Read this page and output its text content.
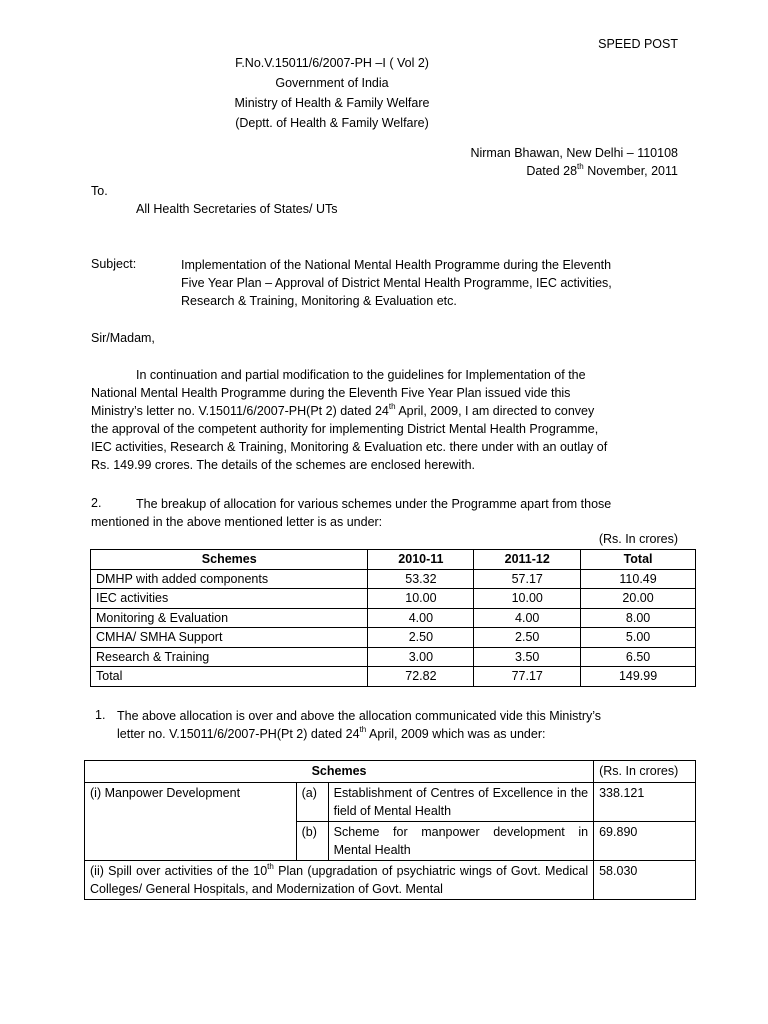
SPEED POST
F.No.V.15011/6/2007-PH –I ( Vol 2)
Government of India
Ministry of Health & Family Welfare
(Deptt. of Health & Family Welfare)
Nirman Bhawan, New Delhi – 110108
Dated 28th November, 2011
To.
All Health Secretaries of States/ UTs
Subject:	Implementation of the National Mental Health Programme during the Eleventh
Five Year Plan – Approval of District Mental Health Programme, IEC activities,
Research & Training, Monitoring & Evaluation etc.
Sir/Madam,
In continuation and partial modification to the guidelines for Implementation of the
National Mental Health Programme during the Eleventh Five Year Plan issued vide this
Ministry’s letter no. V.15011/6/2007-PH(Pt 2) dated 24th April, 2009, I am directed to convey
the approval of the competent authority for implementing District Mental Health Programme,
IEC activities, Research & Training, Monitoring & Evaluation etc. there under with an outlay of
Rs. 149.99 crores. The details of the schemes are enclosed herewith.
2.	The breakup of allocation for various schemes under the Programme apart from those
mentioned in the above mentioned letter is as under:
(Rs. In crores)
Schemes	2010-11	2011-12	Total
DMHP with added components	53.32	57.17	110.49
IEC activities	10.00	10.00	20.00
Monitoring & Evaluation	4.00	4.00	8.00
CMHA/ SMHA Support	2.50	2.50	5.00
Research & Training	3.00	3.50	6.50
Total	72.82	77.17	149.99
1. The above allocation is over and above the allocation communicated vide this Ministry’s
letter no. V.15011/6/2007-PH(Pt 2) dated 24th April, 2009 which was as under:
Schemes			(Rs. In crores)
(i) Manpower Development	(a)	Establishment of Centres of Excellence in the field of Mental Health	338.121
	(b)	Scheme for manpower development in Mental Health	69.890
(ii) Spill over activities of the 10th Plan (upgradation of psychiatric wings of Govt. Medical Colleges/ General Hospitals, and Modernization of Govt. Mental			58.030
